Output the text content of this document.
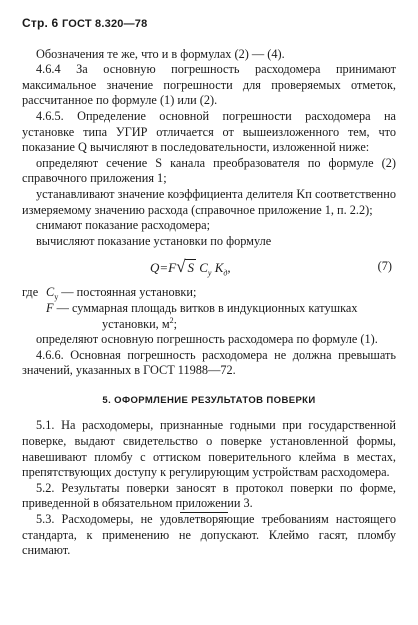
Стр. 6 ГОСТ 8.320—78

Обозначения те же, что и в формулах (2) — (4).

4.6.4 За основную погрешность расходомера принимают максимальное значение погрешности для проверяемых отметок, рассчитанное по формуле (1) или (2).

4.6.5. Определение основной погрешности расходомера на установке типа УГИР отличается от вышеизложенного тем, что показание Q вычисляют в последовательности, изложенной ниже:

определяют сечение S канала преобразователя по формуле (2) справочного приложения 1;

устанавливают значение коэффициента делителя Kп соответственно измеряемому значению расхода (справочное приложение 1, п. 2.2);

снимают показание расходомера;

вычисляют показание установки по формуле

Q=F√ S $C_у$ $K_д$,	(7)

где $C_у$ — постоянная установки;

F — суммарная площадь витков в индукционных катушках

установки, $м^2$;

определяют основную погрешность расходомера по формуле (1).

4.6.6. Основная погрешность расходомера не должна превышать значений, указанных в ГОСТ 11988—72.

5. ОФОРМЛЕНИЕ РЕЗУЛЬТАТОВ ПОВЕРКИ

5.1. На расходомеры, признанные годными при государственной поверке, выдают свидетельство о поверке установленной формы, навешивают пломбу с оттиском поверительного клейма в местах, препятствующих доступу к регулирующим устройствам расходомера.

5.2. Результаты поверки заносят в протокол поверки по форме, приведенной в обязательном приложении 3.

5.3. Расходомеры, не удовлетворяющие требованиям настоящего стандарта, к применению не допускают. Клеймо гасят, пломбу снимают.
